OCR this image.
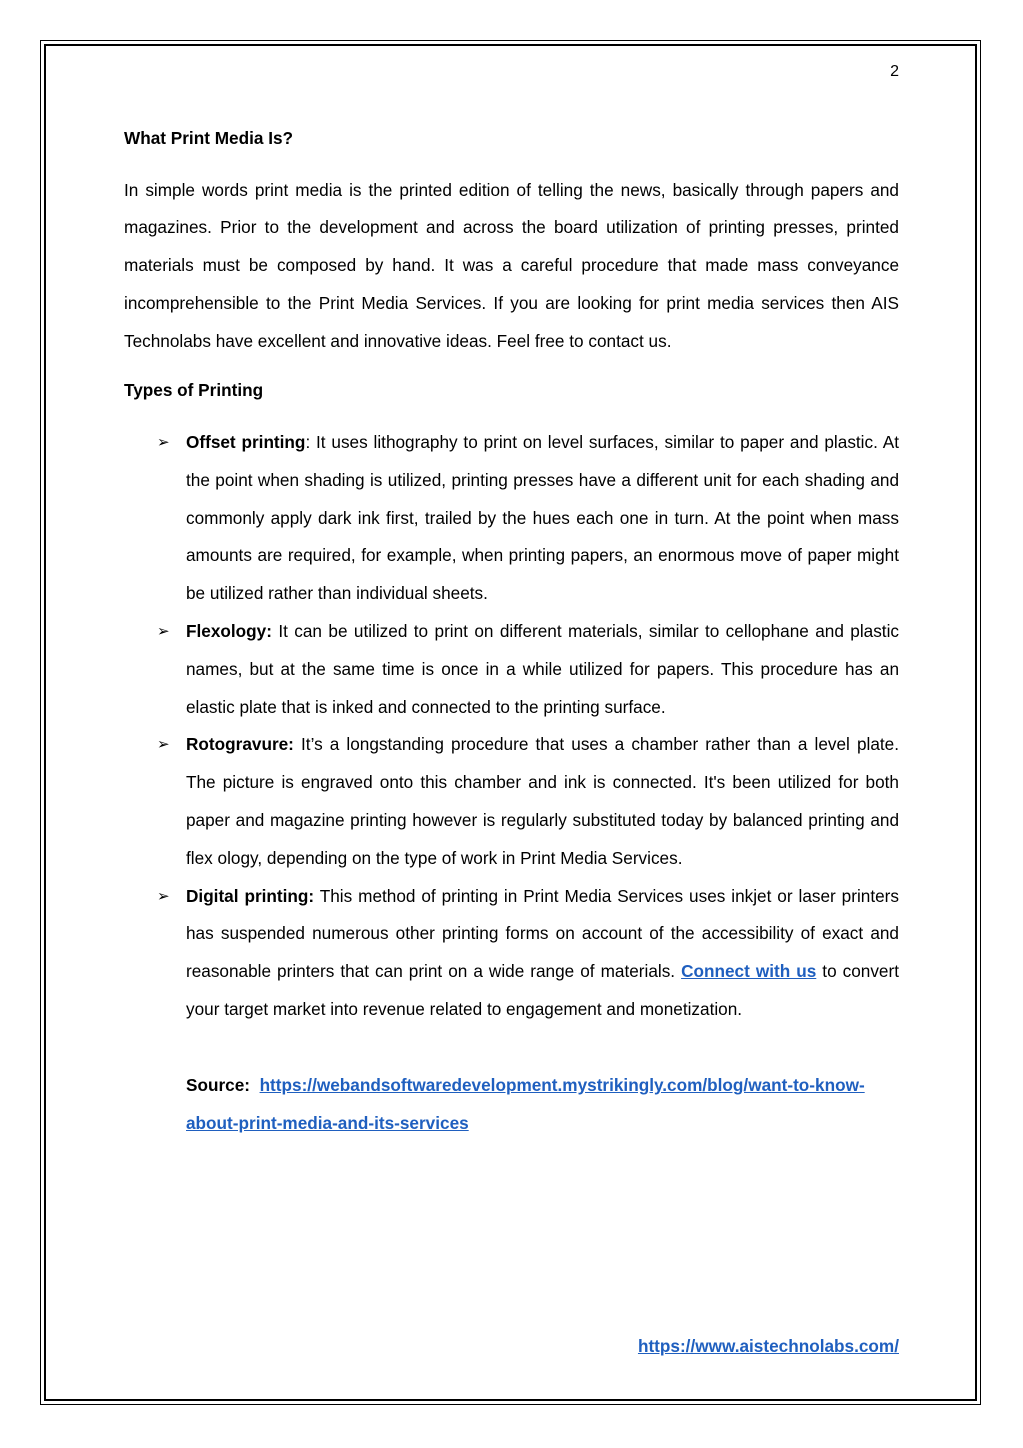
2
What Print Media Is?

In simple words print media is the printed edition of telling the news, basically through papers and magazines. Prior to the development and across the board utilization of printing presses, printed materials must be composed by hand. It was a careful procedure that made mass conveyance incomprehensible to the Print Media Services. If you are looking for print media services then AIS Technolabs have excellent and innovative ideas. Feel free to contact us.

Types of Printing
➢ Offset printing: It uses lithography to print on level surfaces, similar to paper and plastic. At the point when shading is utilized, printing presses have a different unit for each shading and commonly apply dark ink first, trailed by the hues each one in turn. At the point when mass amounts are required, for example, when printing papers, an enormous move of paper might be utilized rather than individual sheets.
➢ Flexology: It can be utilized to print on different materials, similar to cellophane and plastic names, but at the same time is once in a while utilized for papers. This procedure has an elastic plate that is inked and connected to the printing surface.
➢ Rotogravure: It’s a longstanding procedure that uses a chamber rather than a level plate. The picture is engraved onto this chamber and ink is connected. It's been utilized for both paper and magazine printing however is regularly substituted today by balanced printing and flex ology, depending on the type of work in Print Media Services.
➢ Digital printing: This method of printing in Print Media Services uses inkjet or laser printers has suspended numerous other printing forms on account of the accessibility of exact and reasonable printers that can print on a wide range of materials. Connect with us to convert your target market into revenue related to engagement and monetization.
Source: https://webandsoftwaredevelopment.mystrikingly.com/blog/want-to-know-about-print-media-and-its-services
https://www.aistechnolabs.com/
